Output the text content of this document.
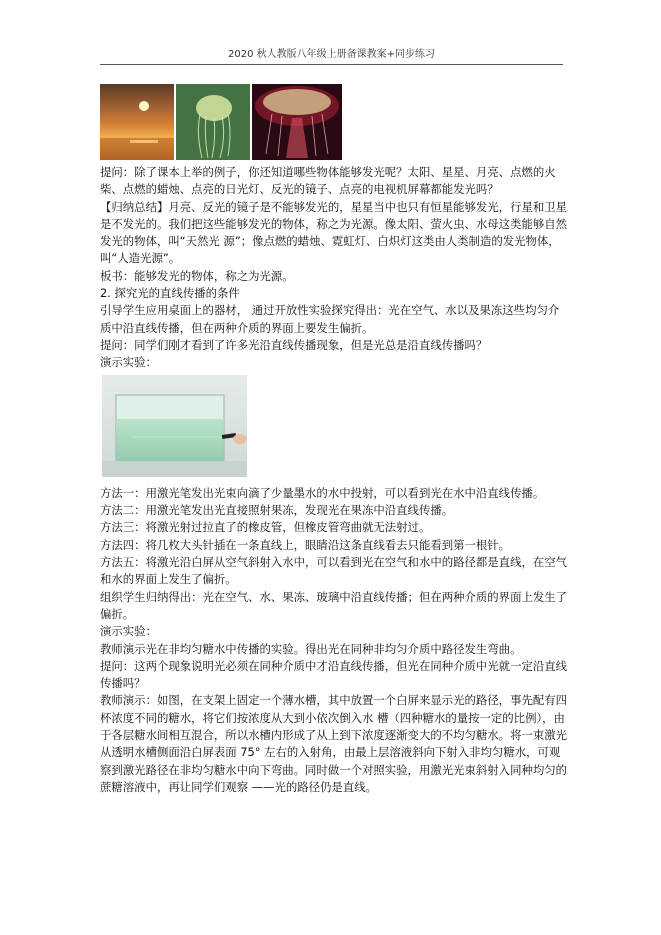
2020 秋人教版八年级上册备课教案+同步练习

提问：除了课本上举的例子，你还知道哪些物体能够发光呢？太阳、星星、月亮、点燃的火柴、点燃的蜡烛、点亮的日光灯、反光的镜子、点亮的电视机屏幕都能发光吗？

【归纳总结】月亮、反光的镜子是不能够发光的，星星当中也只有恒星能够发光，行星和卫星是不发光的。我们把这些能够发光的物体，称之为光源。像太阳、萤火虫、水母这类能够自然发光的物体，叫“天然光 源”；像点燃的蜡烛、霓虹灯、白炽灯这类由人类制造的发光物体，叫“人造光源”。

板书：能够发光的物体，称之为光源。

2. 探究光的直线传播的条件

引导学生应用桌面上的器材， 通过开放性实验探究得出：光在空气、水以及果冻这些均匀介质中沿直线传播，但在两种介质的界面上要发生偏折。

提问：同学们刚才看到了许多光沿直线传播现象，但是光总是沿直线传播吗？

演示实验：

方法一：用激光笔发出光束向滴了少量墨水的水中投射，可以看到光在水中沿直线传播。

方法二：用激光笔发出光直接照射果冻，发现光在果冻中沿直线传播。

方法三：将激光射过拉直了的橡皮管，但橡皮管弯曲就无法射过。

方法四：将几枚大头针插在一条直线上，眼睛沿这条直线看去只能看到第一根针。

方法五：将激光沿白屏从空气斜射入水中，可以看到光在空气和水中的路径都是直线，在空气和水的界面上发生了偏折。

组织学生归纳得出：光在空气、水、果冻、玻璃中沿直线传播；但在两种介质的界面上发生了偏折。

演示实验：

教师演示光在非均匀糖水中传播的实验。得出光在同种非均匀介质中路径发生弯曲。

提问：这两个现象说明光必须在同种介质中才沿直线传播，但光在同种介质中光就一定沿直线传播吗？

教师演示：如图，在支架上固定一个薄水槽，其中放置一个白屏来显示光的路径，事先配有四杯浓度不同的糖水，将它们按浓度从大到小依次倒入水 槽（四种糖水的量按一定的比例），由于各层糖水间相互混合，所以水槽内形成了从上到下浓度逐渐变大的不均匀糖水。将一束激光从透明水槽侧面沿白屏表面 75° 左右的入射角，由最上层溶液斜向下射入非均匀糖水，可观察到激光路径在非均匀糖水中向下弯曲。同时做一个对照实验，用激光光束斜射入同种均匀的蔗糖溶液中，再让同学们观察 ——光的路径仍是直线。
